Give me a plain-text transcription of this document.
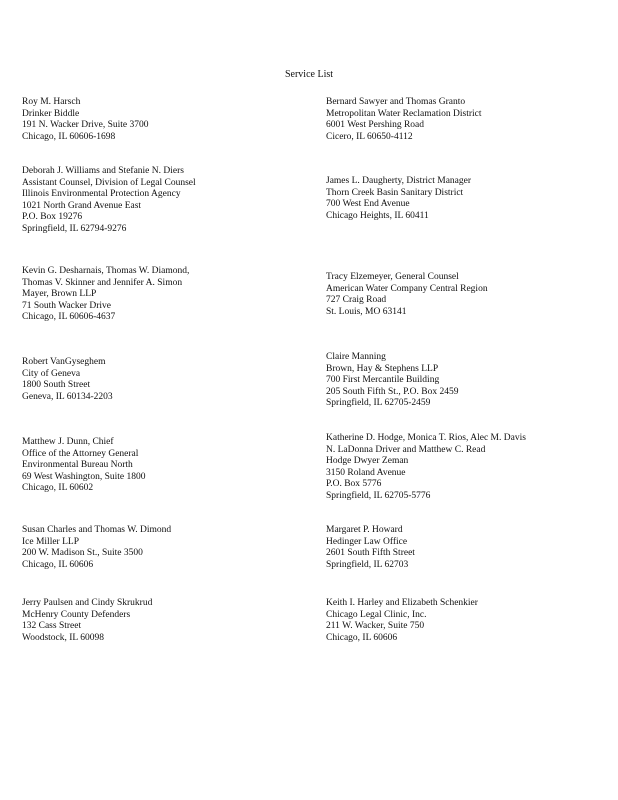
Service List
Roy M. Harsch
Drinker Biddle
191 N. Wacker Drive, Suite 3700
Chicago, IL 60606-1698
Deborah J. Williams and Stefanie N. Diers
Assistant Counsel, Division of Legal Counsel
Illinois Environmental Protection Agency
1021 North Grand Avenue East
P.O. Box 19276
Springfield, IL 62794-9276
Kevin G. Desharnais, Thomas W. Diamond,
Thomas V. Skinner and Jennifer A. Simon
Mayer, Brown LLP
71 South Wacker Drive
Chicago, IL 60606-4637
Robert VanGyseghem
City of Geneva
1800 South Street
Geneva, IL 60134-2203
Matthew J. Dunn, Chief
Office of the Attorney General
Environmental Bureau North
69 West Washington, Suite 1800
Chicago, IL 60602
Susan Charles and Thomas W. Dimond
Ice Miller LLP
200 W. Madison St., Suite 3500
Chicago, IL 60606
Jerry Paulsen and Cindy Skrukrud
McHenry County Defenders
132 Cass Street
Woodstock, IL 60098
Bernard Sawyer and Thomas Granto
Metropolitan Water Reclamation District
6001 West Pershing Road
Cicero, IL 60650-4112
James L. Daugherty, District Manager
Thorn Creek Basin Sanitary District
700 West End Avenue
Chicago Heights, IL 60411
Tracy Elzemeyer, General Counsel
American Water Company Central Region
727 Craig Road
St. Louis, MO 63141
Claire Manning
Brown, Hay & Stephens LLP
700 First Mercantile Building
205 South Fifth St., P.O. Box 2459
Springfield, IL 62705-2459
Katherine D. Hodge, Monica T. Rios, Alec M. Davis
N. LaDonna Driver and Matthew C. Read
Hodge Dwyer Zeman
3150 Roland Avenue
P.O. Box 5776
Springfield, IL 62705-5776
Margaret P. Howard
Hedinger Law Office
2601 South Fifth Street
Springfield, IL 62703
Keith I. Harley and Elizabeth Schenkier
Chicago Legal Clinic, Inc.
211 W. Wacker, Suite 750
Chicago, IL 60606
